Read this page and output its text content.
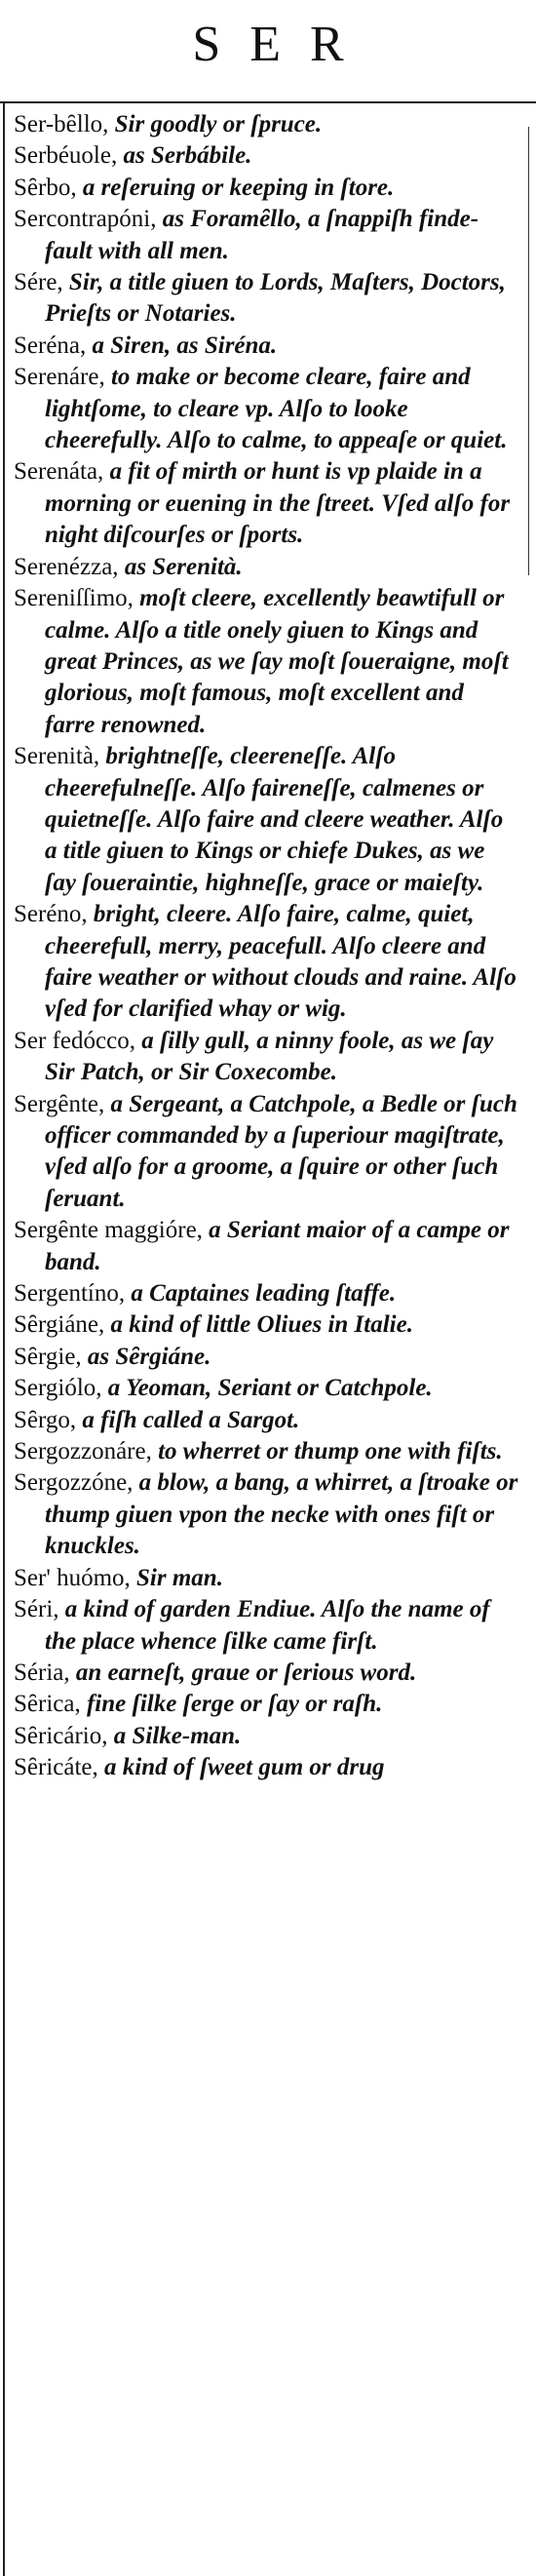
SER

Ser-bȇllo, Sir goodly or ſpruce.

Serbéuole, as Serbábile.

Sȇrbo, a reſeruing or keeping in ſtore.

Sercontrapóni, as Foramȇllo, a ſnappiſh finde-fault with all men.

Sére, Sir, a title giuen to Lords, Maſters, Doctors, Prieſts or Notaries.

Seréna, a Siren, as Siréna.

Serenáre, to make or become cleare, faire and lightſome, to cleare vp. Alſo to looke cheerefully. Alſo to calme, to appeaſe or quiet.

Serenáta, a fit of mirth or hunt is vp plaide in a morning or euening in the ſtreet. Vſed alſo for night diſcourſes or ſports.

Serenézza, as Serenità.

Sereniſſimo, moſt cleere, excellently beawtifull or calme. Alſo a title onely giuen to Kings and great Princes, as we ſay moſt ſoueraigne, moſt glorious, moſt famous, moſt excellent and farre renowned.

Serenità, brightneſſe, cleereneſſe. Alſo cheerefulneſſe. Alſo faireneſſe, calmenes or quietneſſe. Alſo faire and cleere weather. Alſo a title giuen to Kings or chiefe Dukes, as we ſay ſoueraintie, highneſſe, grace or maieſty.

Seréno, bright, cleere. Alſo faire, calme, quiet, cheerefull, merry, peacefull. Alſo cleere and faire weather or without clouds and raine. Alſo vſed for clarified whay or wig.

Ser fedócco, a ſilly gull, a ninny foole, as we ſay Sir Patch, or Sir Coxecombe.

Sergȇnte, a Sergeant, a Catchpole, a Bedle or ſuch officer commanded by a ſuperiour magiſtrate, vſed alſo for a groome, a ſquire or other ſuch ſeruant.

Sergȇnte maggióre, a Seriant maior of a campe or band.

Sergentíno, a Captaines leading ſtaffe.

Sȇrgiáne, a kind of little Oliues in Italie.

Sȇrgie, as Sȇrgiáne.

Sergiólo, a Yeoman, Seriant or Catchpole.

Sȇrgo, a fiſh called a Sargot.

Sergozzonáre, to wherret or thump one with fiſts.

Sergozzóne, a blow, a bang, a whirret, a ſtroake or thump giuen vpon the necke with ones fiſt or knuckles.

Ser' huómo, Sir man.

Séri, a kind of garden Endiue. Alſo the name of the place whence ſilke came firſt.

Séria, an earneſt, graue or ſerious word.

Sȇrica, fine ſilke ſerge or ſay or raſh.

Sȇricário, a Silke-man.

Sȇricáte, a kind of ſweet gum or drug
